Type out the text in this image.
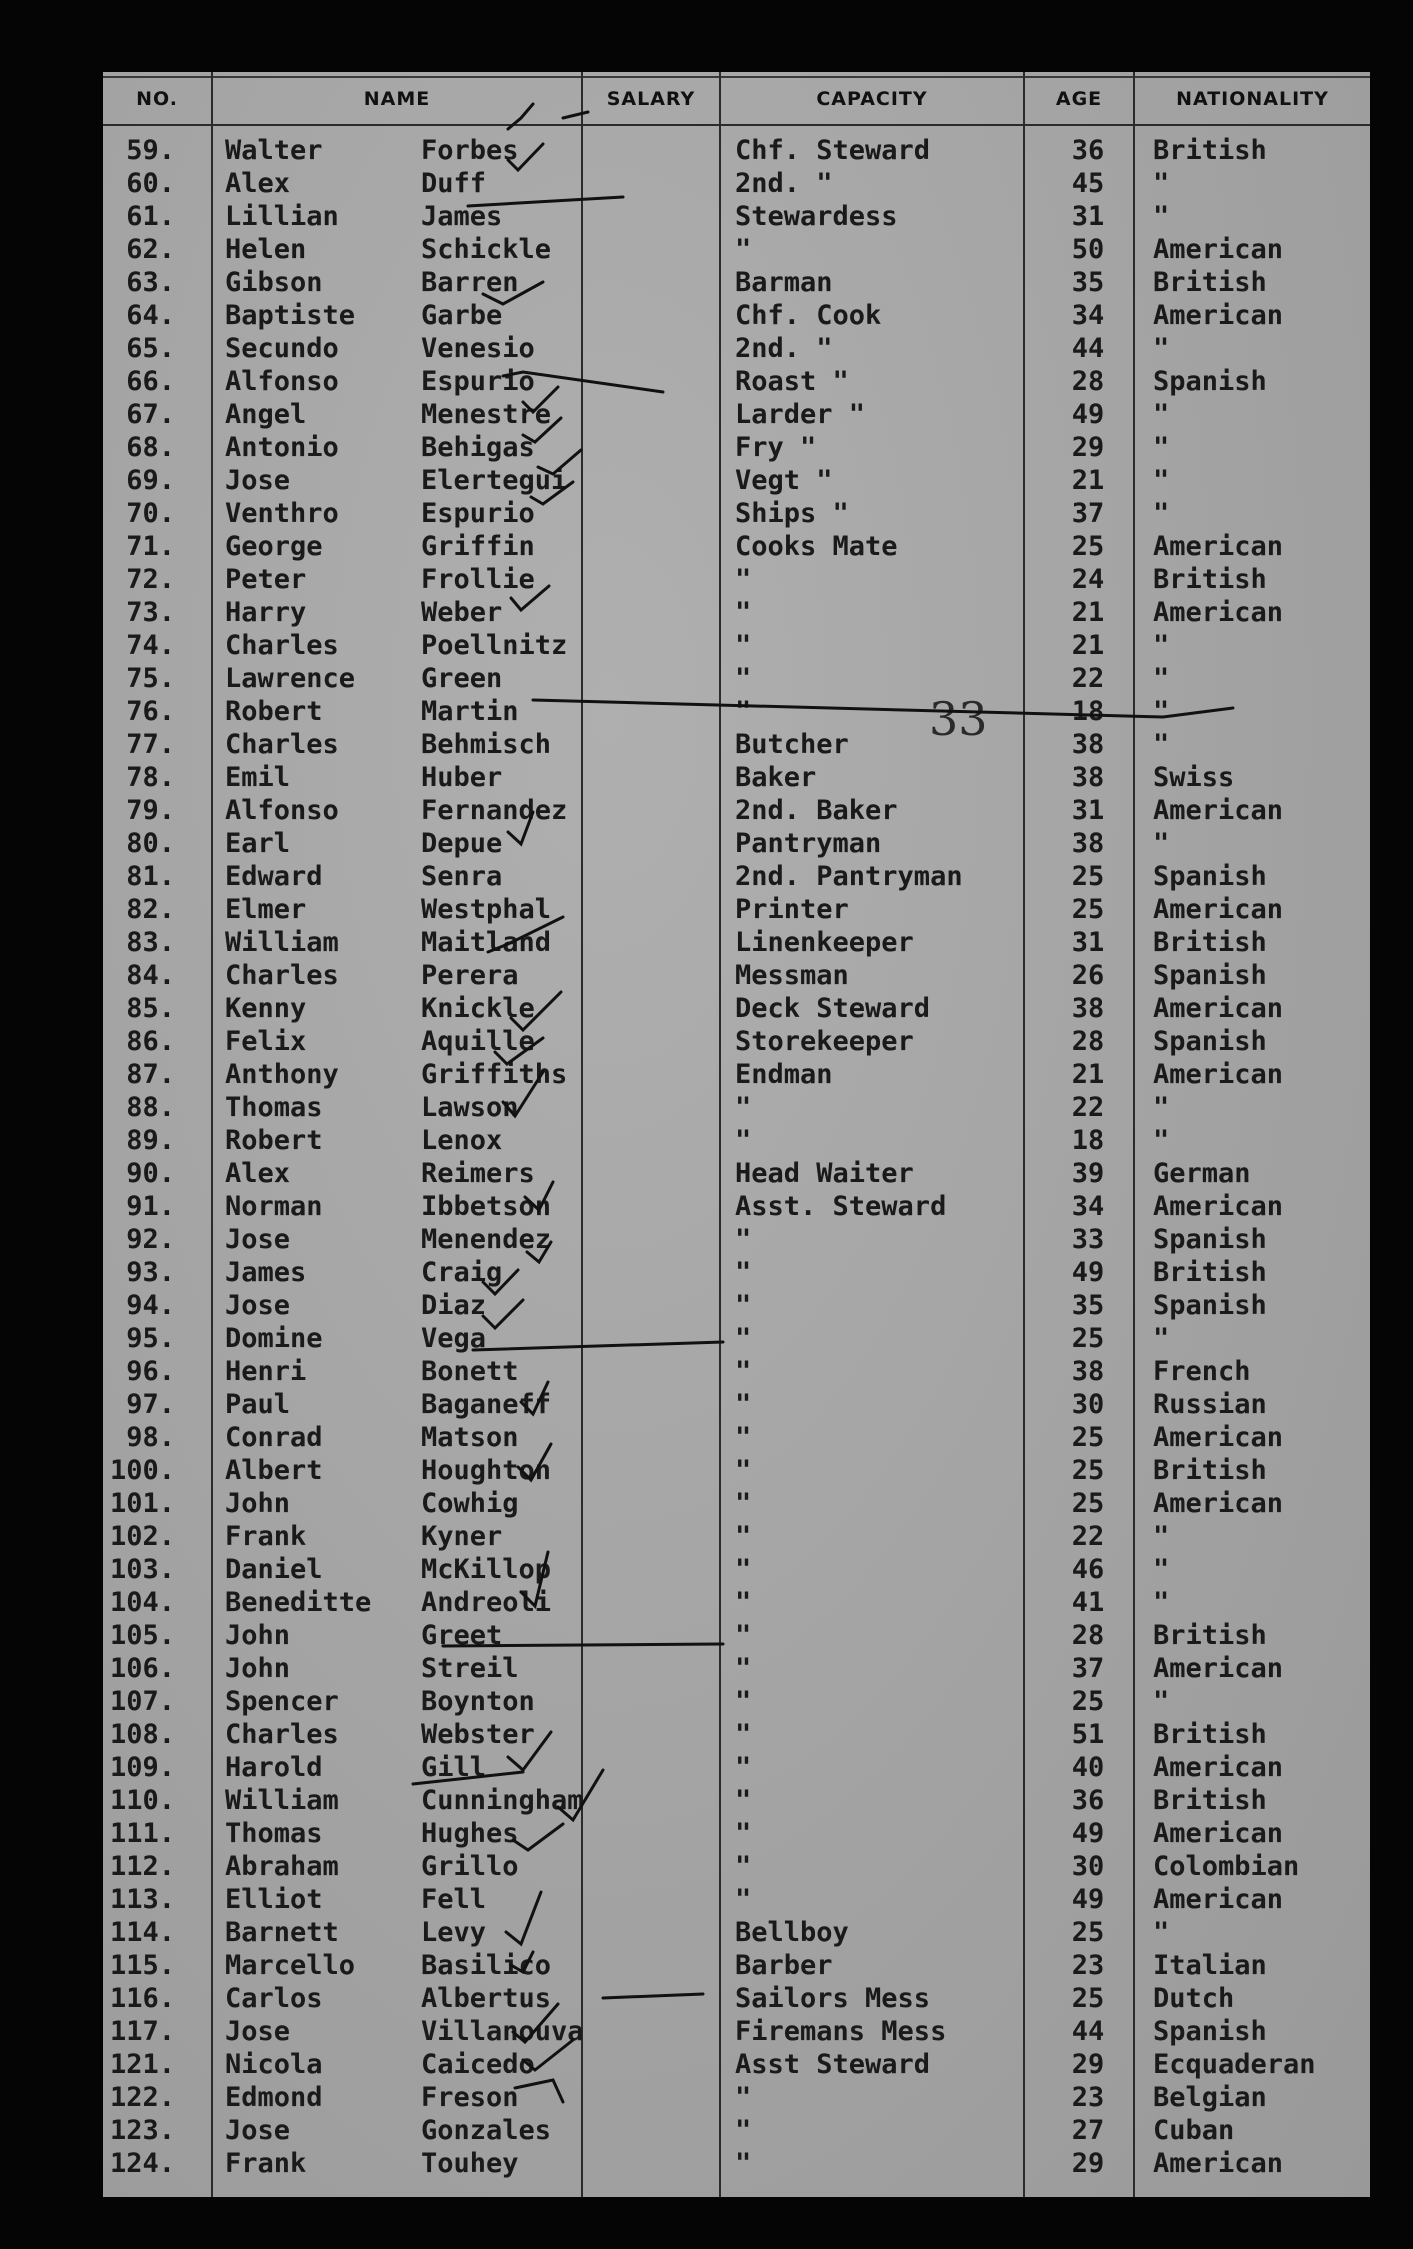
NO.	NAME	SALARY	CAPACITY	AGE	NATIONALITY
59. Walter	Forbes	Chf. Steward	36	British
60. Alex	Duff	2nd. "	45	"
61. Lillian	James	Stewardess	31	"
62. Helen	Schickle	"	50	American
63. Gibson	Barren	Barman	35	British
64. Baptiste Garbe	Chf. Cook	34	American
65. Secundo	Venesio	2nd. "	44	"
66. Alfonso	Espurio	Roast "	28	Spanish
67. Angel	Menestre	Larder "	49	"
68. Antonio	Behigas	Fry "	29	"
69. Jose	Elertegui	Vegt "	21	"
70. Venthro	Espurio	Ships "	37	"
71. George	Griffin	Cooks Mate	25	American
72. Peter	Frollie	"	24	British
73. Harry	Weber	"	21	American
74. Charles	Poellnitz	"	21	"
75. Lawrence Green	"	22	"
76. Robert	Martin	"	18	"
77. Charles	Behmisch	Butcher	38	"
78. Emil	Huber	Baker	38	Swiss
79. Alfonso	Fernandez	2nd. Baker	31	American
80. Earl	Depue	Pantryman	38	"
81. Edward	Senra	2nd. Pantryman	25	Spanish
82. Elmer	Westphal	Printer	25	American
83. William	Maitland	Linenkeeper	31	British
84. Charles	Perera	Messman	26	Spanish
85. Kenny	Knickle	Deck Steward	38	American
86. Felix	Aquille	Storekeeper	28	Spanish
87. Anthony	Griffiths	Endman	21	American
88. Thomas	Lawson	"	22	"
89. Robert	Lenox	"	18	"
90. Alex	Reimers	Head Waiter	39	German
91. Norman	Ibbetson	Asst. Steward	34	American
92. Jose	Menendez	"	33	Spanish
93. James	Craig	"	49	British
94. Jose	Diaz	"	35	Spanish
95. Domine	Vega	"	25	"
96. Henri	Bonett	"	38	French
97. Paul	Baganeff	"	30	Russian
98. Conrad	Matson	"	25	American
100. Albert	Houghton	"	25	British
101. John	Cowhig	"	25	American
102. Frank	Kyner	"	22	"
103. Daniel	McKillop	"	46	"
104. Beneditte Andreoli	"	41	"
105. John	Greet	"	28	British
106. John	Streil	"	37	American
107. Spencer	Boynton	"	25	"
108. Charles	Webster	"	51	British
109. Harold	Gill	"	40	American
110. William	Cunningham	"	36	British
111. Thomas	Hughes	"	49	American
112. Abraham	Grillo	"	30	Colombian
113. Elliot	Fell	"	49	American
114. Barnett	Levy	Bellboy	25	"
115. Marcello Basilico	Barber	23	Italian
116. Carlos	Albertus	Sailors Mess	25	Dutch
117. Jose	Villanouva	Firemans Mess	44	Spanish
121. Nicola	Caicedo	Asst Steward	29	Ecquaderan
122. Edmond	Freson	"	23	Belgian
123. Jose	Gonzales	"	27	Cuban
124. Frank	Touhey	"	29	American
33
